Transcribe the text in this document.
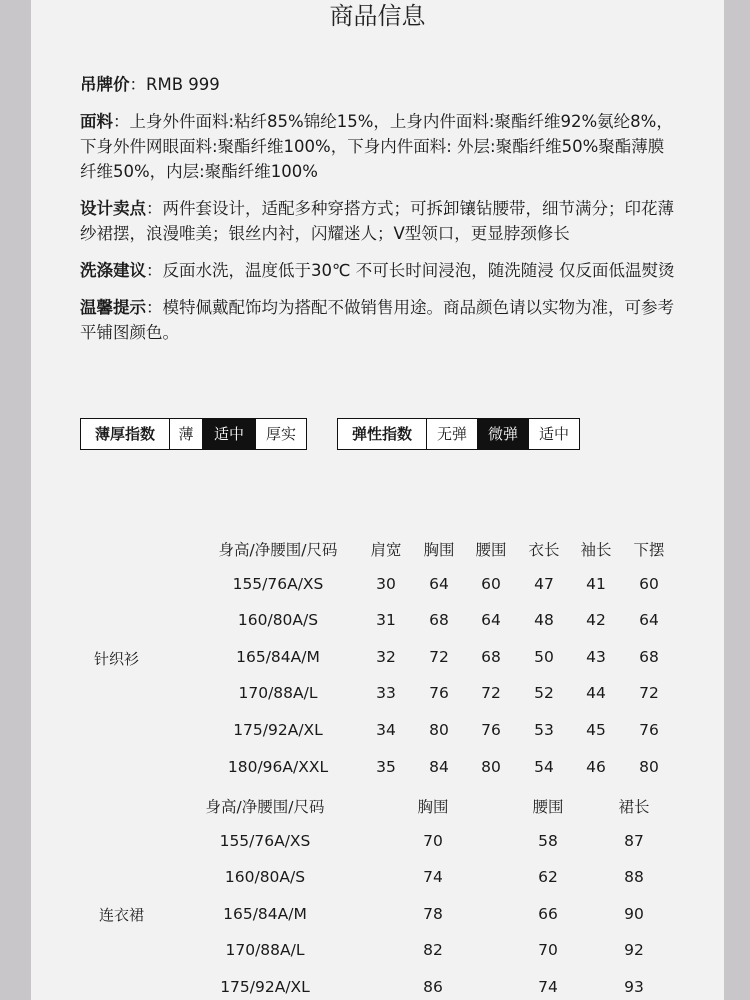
商品信息

吊牌价：RMB 999

面料：上身外件面料:粘纤85%锦纶15%，上身内件面料:聚酯纤维92%氨纶8%，下身外件网眼面料:聚酯纤维100%，下身内件面料: 外层:聚酯纤维50%聚酯薄膜纤维50%，内层:聚酯纤维100%

设计卖点：两件套设计，适配多种穿搭方式；可拆卸镶钻腰带，细节满分；印花薄纱裙摆，浪漫唯美；银丝内衬，闪耀迷人；V型领口，更显脖颈修长

洗涤建议：反面水洗，温度低于30℃ 不可长时间浸泡，随洗随浸 仅反面低温熨烫

温馨提示：模特佩戴配饰均为搭配不做销售用途。商品颜色请以实物为准，可参考平铺图颜色。

薄厚指数	薄	适中	厚实	弹性指数	无弹	微弹	适中
针织衫
身高/净腰围/尺码	肩宽	胸围	腰围	衣长	袖长	下摆
155/76A/XS	30	64	60	47	41	60
160/80A/S	31	68	64	48	42	64
165/84A/M	32	72	68	50	43	68
170/88A/L	33	76	72	52	44	72
175/92A/XL	34	80	76	53	45	76
180/96A/XXL	35	84	80	54	46	80
连衣裙
身高/净腰围/尺码	胸围	腰围	裙长
155/76A/XS	70	58	87
160/80A/S	74	62	88
165/84A/M	78	66	90
170/88A/L	82	70	92
175/92A/XL	86	74	93
